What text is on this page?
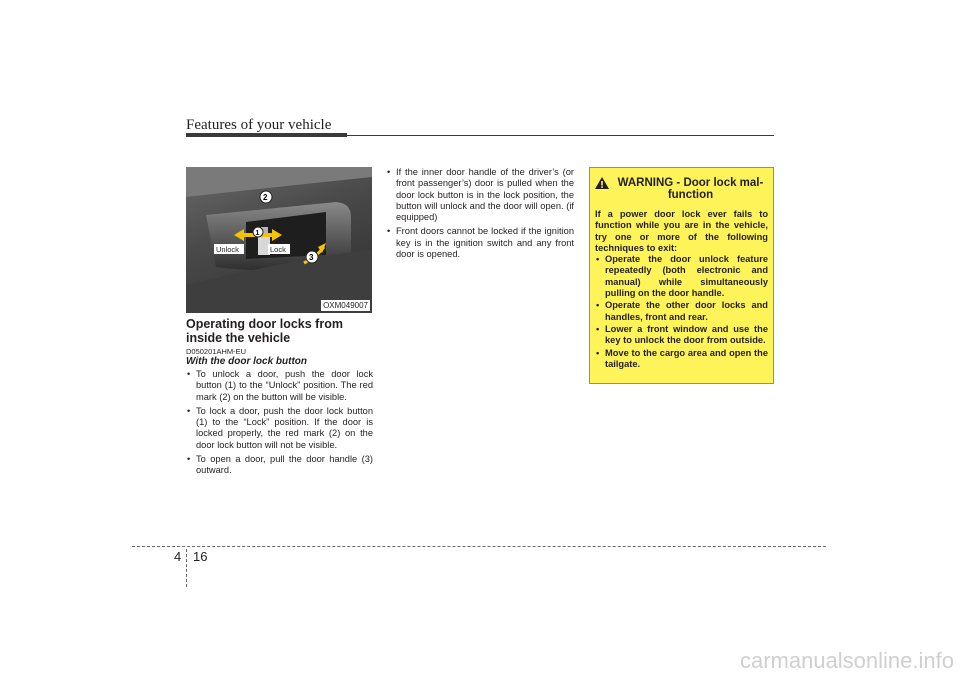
Features of your vehicle
Unlock	Lock
2
1
3
OXM049007
Operating door locks from inside the vehicle
D050201AHM-EU
With the door lock button
• To unlock a door, push the door lock button (1) to the “Unlock” position. The red mark (2) on the button will be visible.
• To lock a door, push the door lock button (1) to the “Lock” position. If the door is locked properly, the red mark (2) on the door lock button will not be visible.
• To open a door, pull the door handle (3) outward.
• If the inner door handle of the driver’s (or front passenger’s) door is pulled when the door lock button is in the lock position, the button will unlock and the door will open. (if equipped)
• Front doors cannot be locked if the ignition key is in the ignition switch and any front door is opened.
WARNING - Door lock mal-function
If a power door lock ever fails to function while you are in the vehicle, try one or more of the following techniques to exit:
• Operate the door unlock feature repeatedly (both electronic and manual) while simultaneously pulling on the door handle.
• Operate the other door locks and handles, front and rear.
• Lower a front window and use the key to unlock the door from outside.
• Move to the cargo area and open the tailgate.
4 16
carmanualsonline.info
